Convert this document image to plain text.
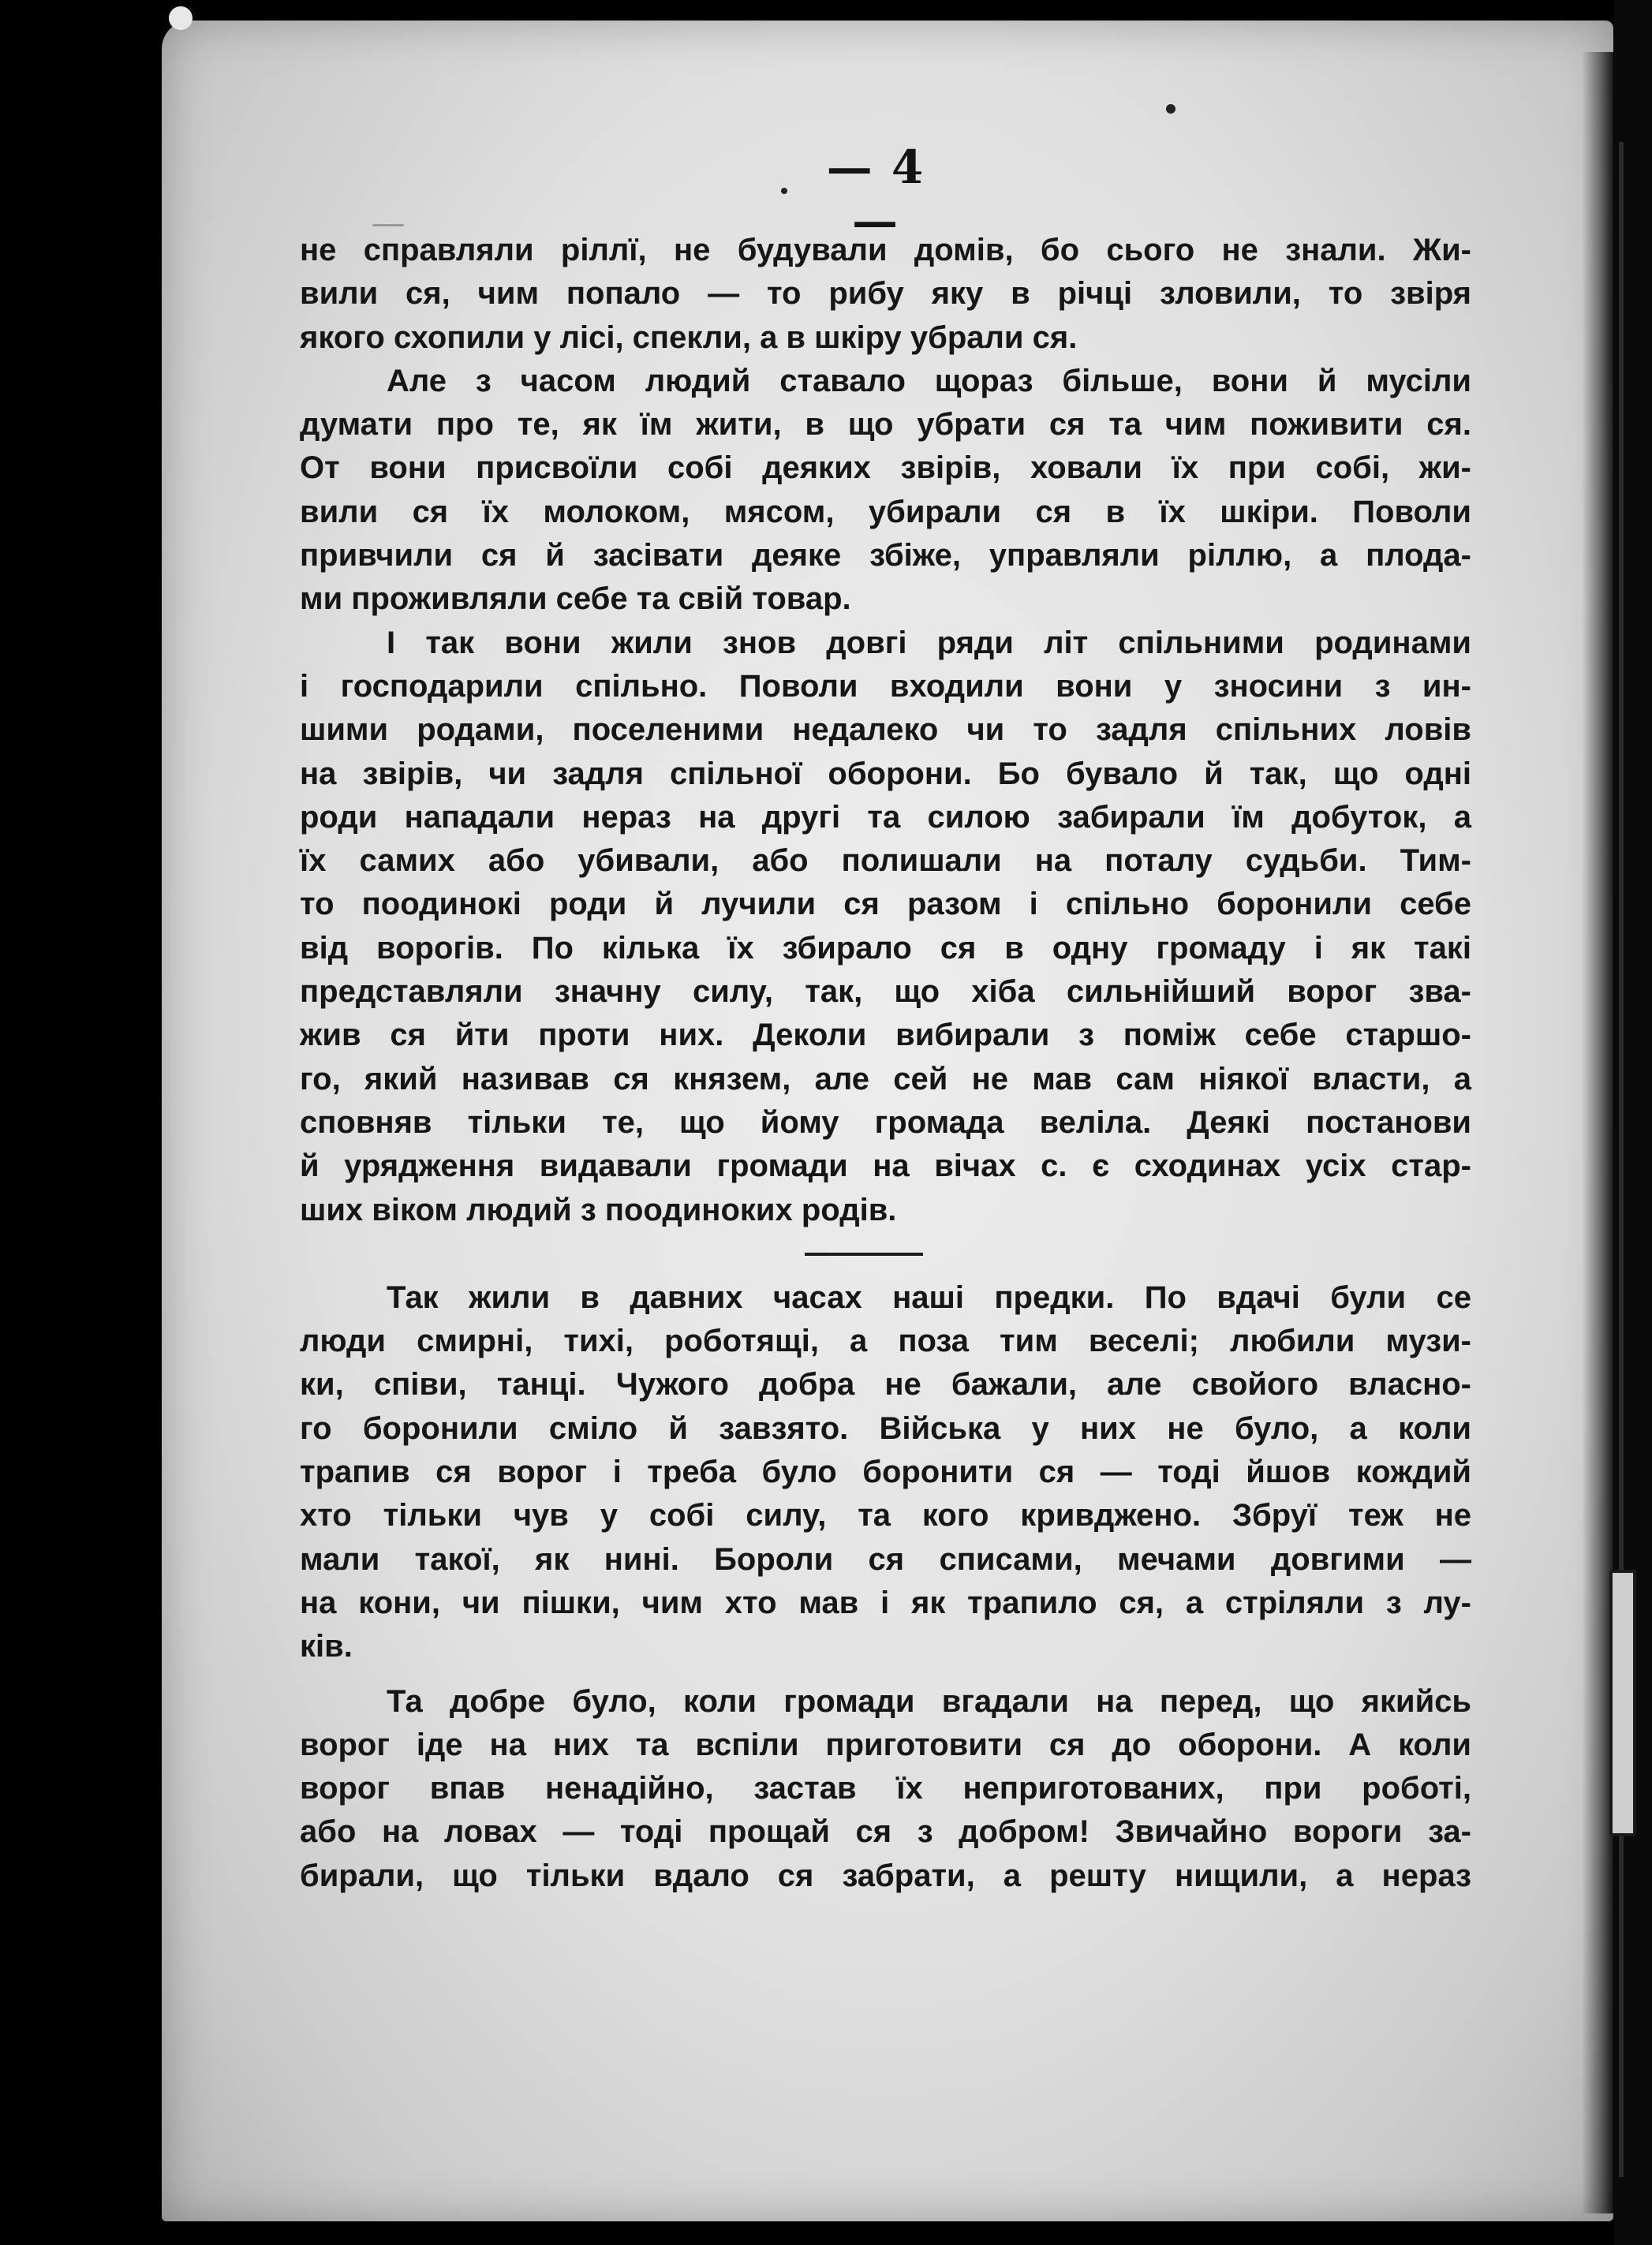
— 4 —
не справляли ріллї, не будували домів, бо сього не знали. Жи-
вили ся, чим попало — то рибу яку в річці зловили, то звіря
якого схопили у лісі, спекли, а в шкіру убрали ся.
Але з часом людий ставало щораз більше, вони й мусіли
думати про те, як їм жити, в що убрати ся та чим поживити ся.
От вони присвоїли собі деяких звірів, ховали їх при собі, жи-
вили ся їх молоком, мясом, убирали ся в їх шкіри. Поволи
привчили ся й засівати деяке збіже, управляли ріллю, а плода-
ми проживляли себе та свій товар.
І так вони жили знов довгі ряди літ спільними родинами
і господарили спільно. Поволи входили вони у зносини з ин-
шими родами, поселеними недалеко чи то задля спільних ловів
на звірів, чи задля спільної оборони. Бо бувало й так, що одні
роди нападали нераз на другі та силою забирали їм добуток, а
їх самих або убивали, або полишали на поталу судьби. Тим-
то поодинокі роди й лучили ся разом і спільно боронили себе
від ворогів. По кілька їх збирало ся в одну громаду і як такі
представляли значну силу, так, що хіба сильнійший ворог зва-
жив ся йти проти них. Деколи вибирали з поміж себе старшо-
го, який називав ся князем, але сей не мав сам ніякої власти, а
сповняв тільки те, що йому громада веліла. Деякі постанови
й урядження видавали громади на вічах с. є сходинах усіх стар-
ших віком людий з поодиноких родів.
Так жили в давних часах наші предки. По вдачі були се
люди смирні, тихі, роботящі, а поза тим веселі; любили музи-
ки, співи, танці. Чужого добра не бажали, але свойого власно-
го боронили сміло й завзято. Війська у них не було, а коли
трапив ся ворог і треба було боронити ся — тоді йшов кождий
хто тільки чув у собі силу, та кого кривджено. Збруї теж не
мали такої, як нині. Бороли ся списами, мечами довгими —
на кони, чи пішки, чим хто мав і як трапило ся, а стріляли з лу-
ків.
Та добре було, коли громади вгадали на перед, що якийсь
ворог іде на них та вспіли приготовити ся до оборони. А коли
ворог впав ненадійно, застав їх неприготованих, при роботі,
або на ловах — тоді прощай ся з добром! Звичайно вороги за-
бирали, що тільки вдало ся забрати, а решту нищили, а нераз
